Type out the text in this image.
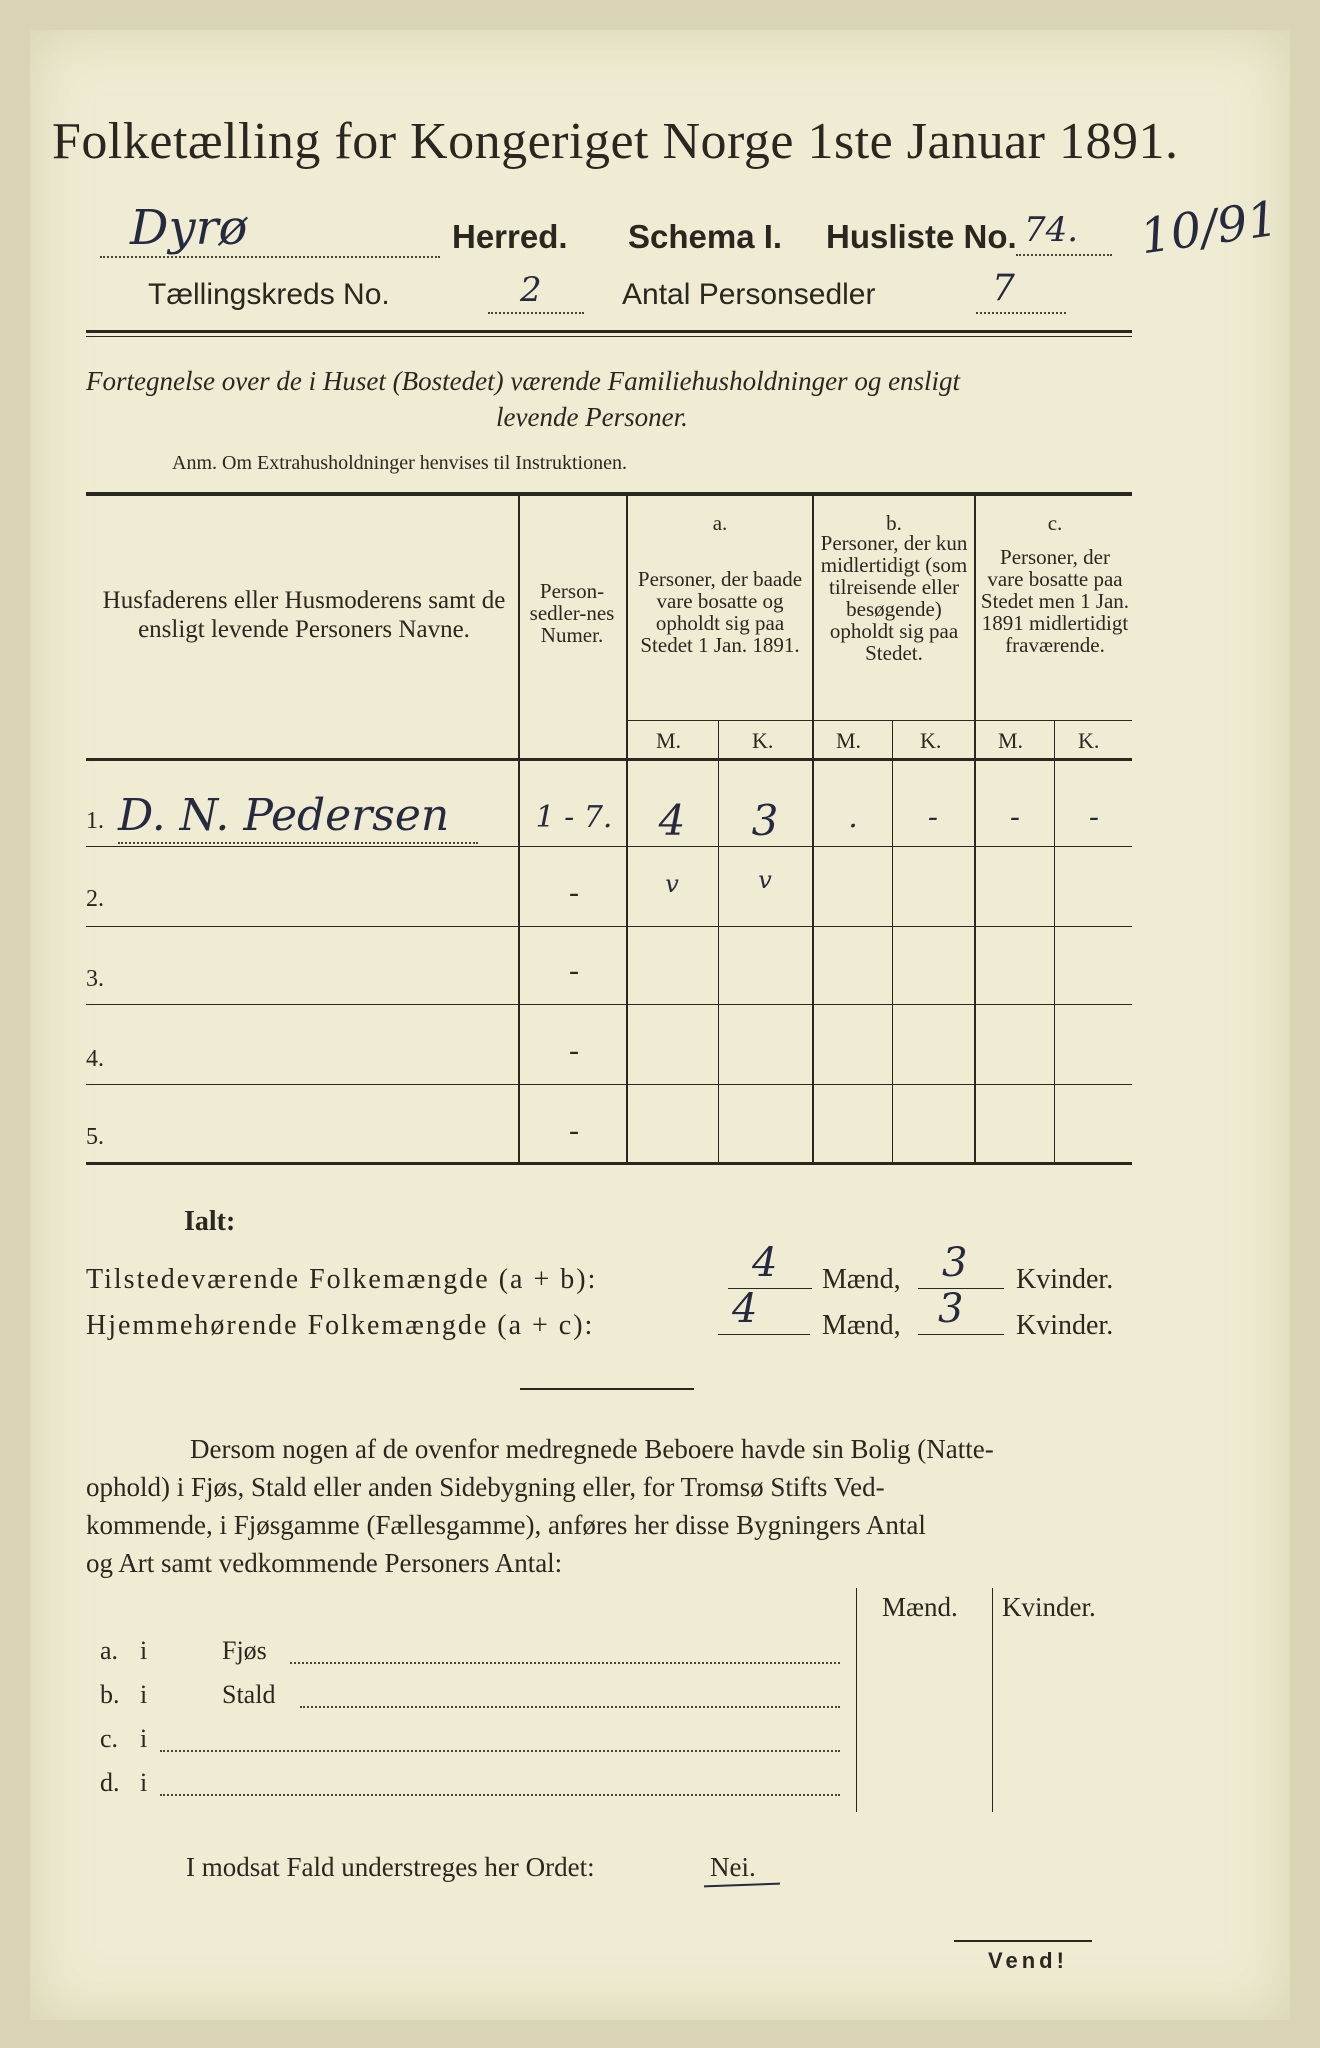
Folketælling for Kongeriget Norge 1ste Januar 1891.
Dyrø	Herred. Schema I. Husliste No. 74. 10/91
Tællingskreds No.	2	Antal Personsedler	7
Fortegnelse over de i Huset (Bostedet) værende Familiehusholdninger og ensligt
levende Personer.
Anm. Om Extrahusholdninger henvises til Instruktionen.
Husfaderens eller Husmoderens samt de ensligt levende Personers Navne.
Person-sedler-nes Numer.
a.
Personer, der baade vare bosatte og opholdt sig paa Stedet 1 Jan. 1891.
b.
Personer, der kun midlertidigt (som tilreisende eller besøgende) opholdt sig paa Stedet.
c.
Personer, der vare bosatte paa Stedet men 1 Jan. 1891 midlertidigt fraværende.
M.	K.	M.	K.	M. K.
1. D. N. Pedersen	1 - 7.	4	3	.	-	-	-
2.	-	v	v
3.	-
4.	-
5.	-
Ialt:
Tilstedeværende Folkemængde (a + b):	4 Mænd, 3 Kvinder.
Hjemmehørende Folkemængde (a + c):	4 Mænd, 3 Kvinder.
Dersom nogen af de ovenfor medregnede Beboere havde sin Bolig (Natte-
ophold) i Fjøs, Stald eller anden Sidebygning eller, for Tromsø Stifts Ved-
kommende, i Fjøsgamme (Fællesgamme), anføres her disse Bygningers Antal
og Art samt vedkommende Personers Antal:
Mænd. Kvinder.
a. i	Fjøs
b. i	Stald
c. i
d. i
I modsat Fald understreges her Ordet:	Nei.
Vend!
